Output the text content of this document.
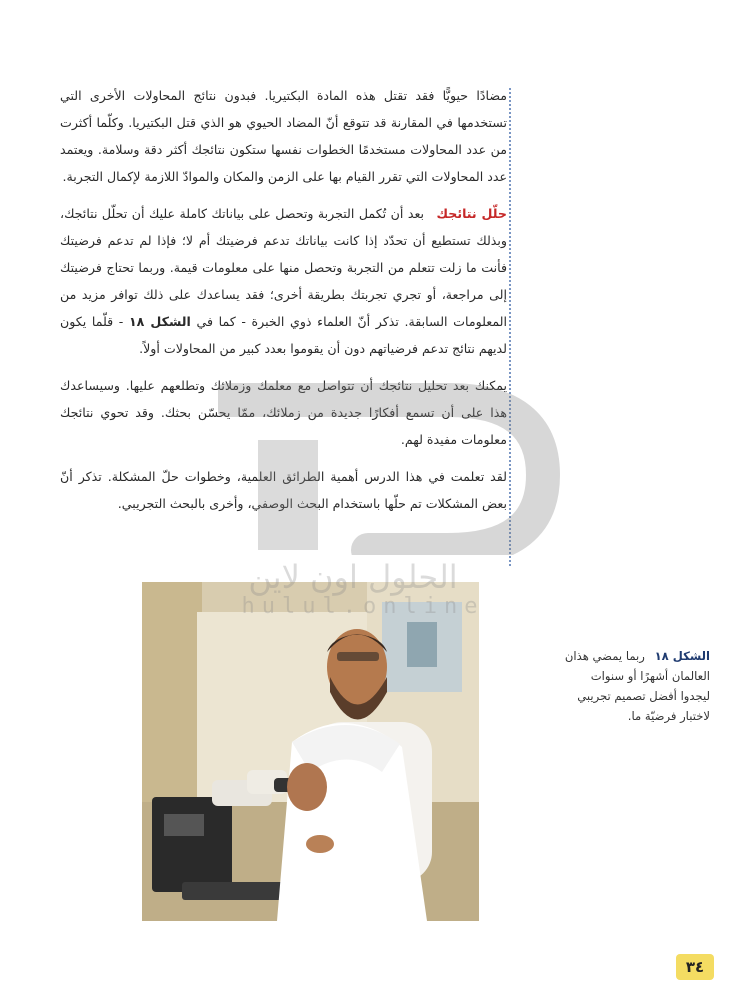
مضادًا حيويًّا فقد تقتل هذه المادة البكتيريا. فبدون نتائج المحاولات الأخرى التي تستخدمها في المقارنة قد تتوقع أنّ المضاد الحيوي هو الذي قتل البكتيريا. وكلّما أكثرت من عدد المحاولات مستخدمًا الخطوات نفسها ستكون نتائجك أكثر دقة وسلامة. ويعتمد عدد المحاولات التي تقرر القيام بها على الزمن والمكان والموادّ اللازمة لإكمال التجربة.

حلّل نتائجك بعد أن تُكمل التجربة وتحصل على بياناتك كاملة عليك أن تحلّل نتائجك، وبذلك تستطيع أن تحدّد إذا كانت بياناتك تدعم فرضيتك أم لا؛ فإذا لم تدعم فرضيتك فأنت ما زلت تتعلم من التجربة وتحصل منها على معلومات قيمة. وربما تحتاج فرضيتك إلى مراجعة، أو تجري تجربتك بطريقة أخرى؛ فقد يساعدك على ذلك توافر مزيد من المعلومات السابقة. تذكر أنّ العلماء ذوي الخبرة - كما في الشكل ١٨ - قلّما يكون لديهم نتائج تدعم فرضياتهم دون أن يقوموا بعدد كبير من المحاولات أولاً.

يمكنك بعد تحليل نتائجك أن تتواصل مع معلمك وزملائك وتطلعهم عليها. وسيساعدك هذا على أن تسمع أفكارًا جديدة من زملائك، ممّا يحسّن بحثك. وقد تحوي نتائجك معلومات مفيدة لهم.

لقد تعلمت في هذا الدرس أهمية الطرائق العلمية، وخطوات حلّ المشكلة. تذكر أنّ بعض المشكلات تم حلّها باستخدام البحث الوصفي، وأخرى بالبحث التجريبي.

الشكل ١٨ ربما يمضي هذان العالمان أشهرًا أو سنوات ليجدوا أفضل تصميم تجريبي لاختبار فرضيّة ما.
الحلول اون لاين
hulul.online
٣٤
